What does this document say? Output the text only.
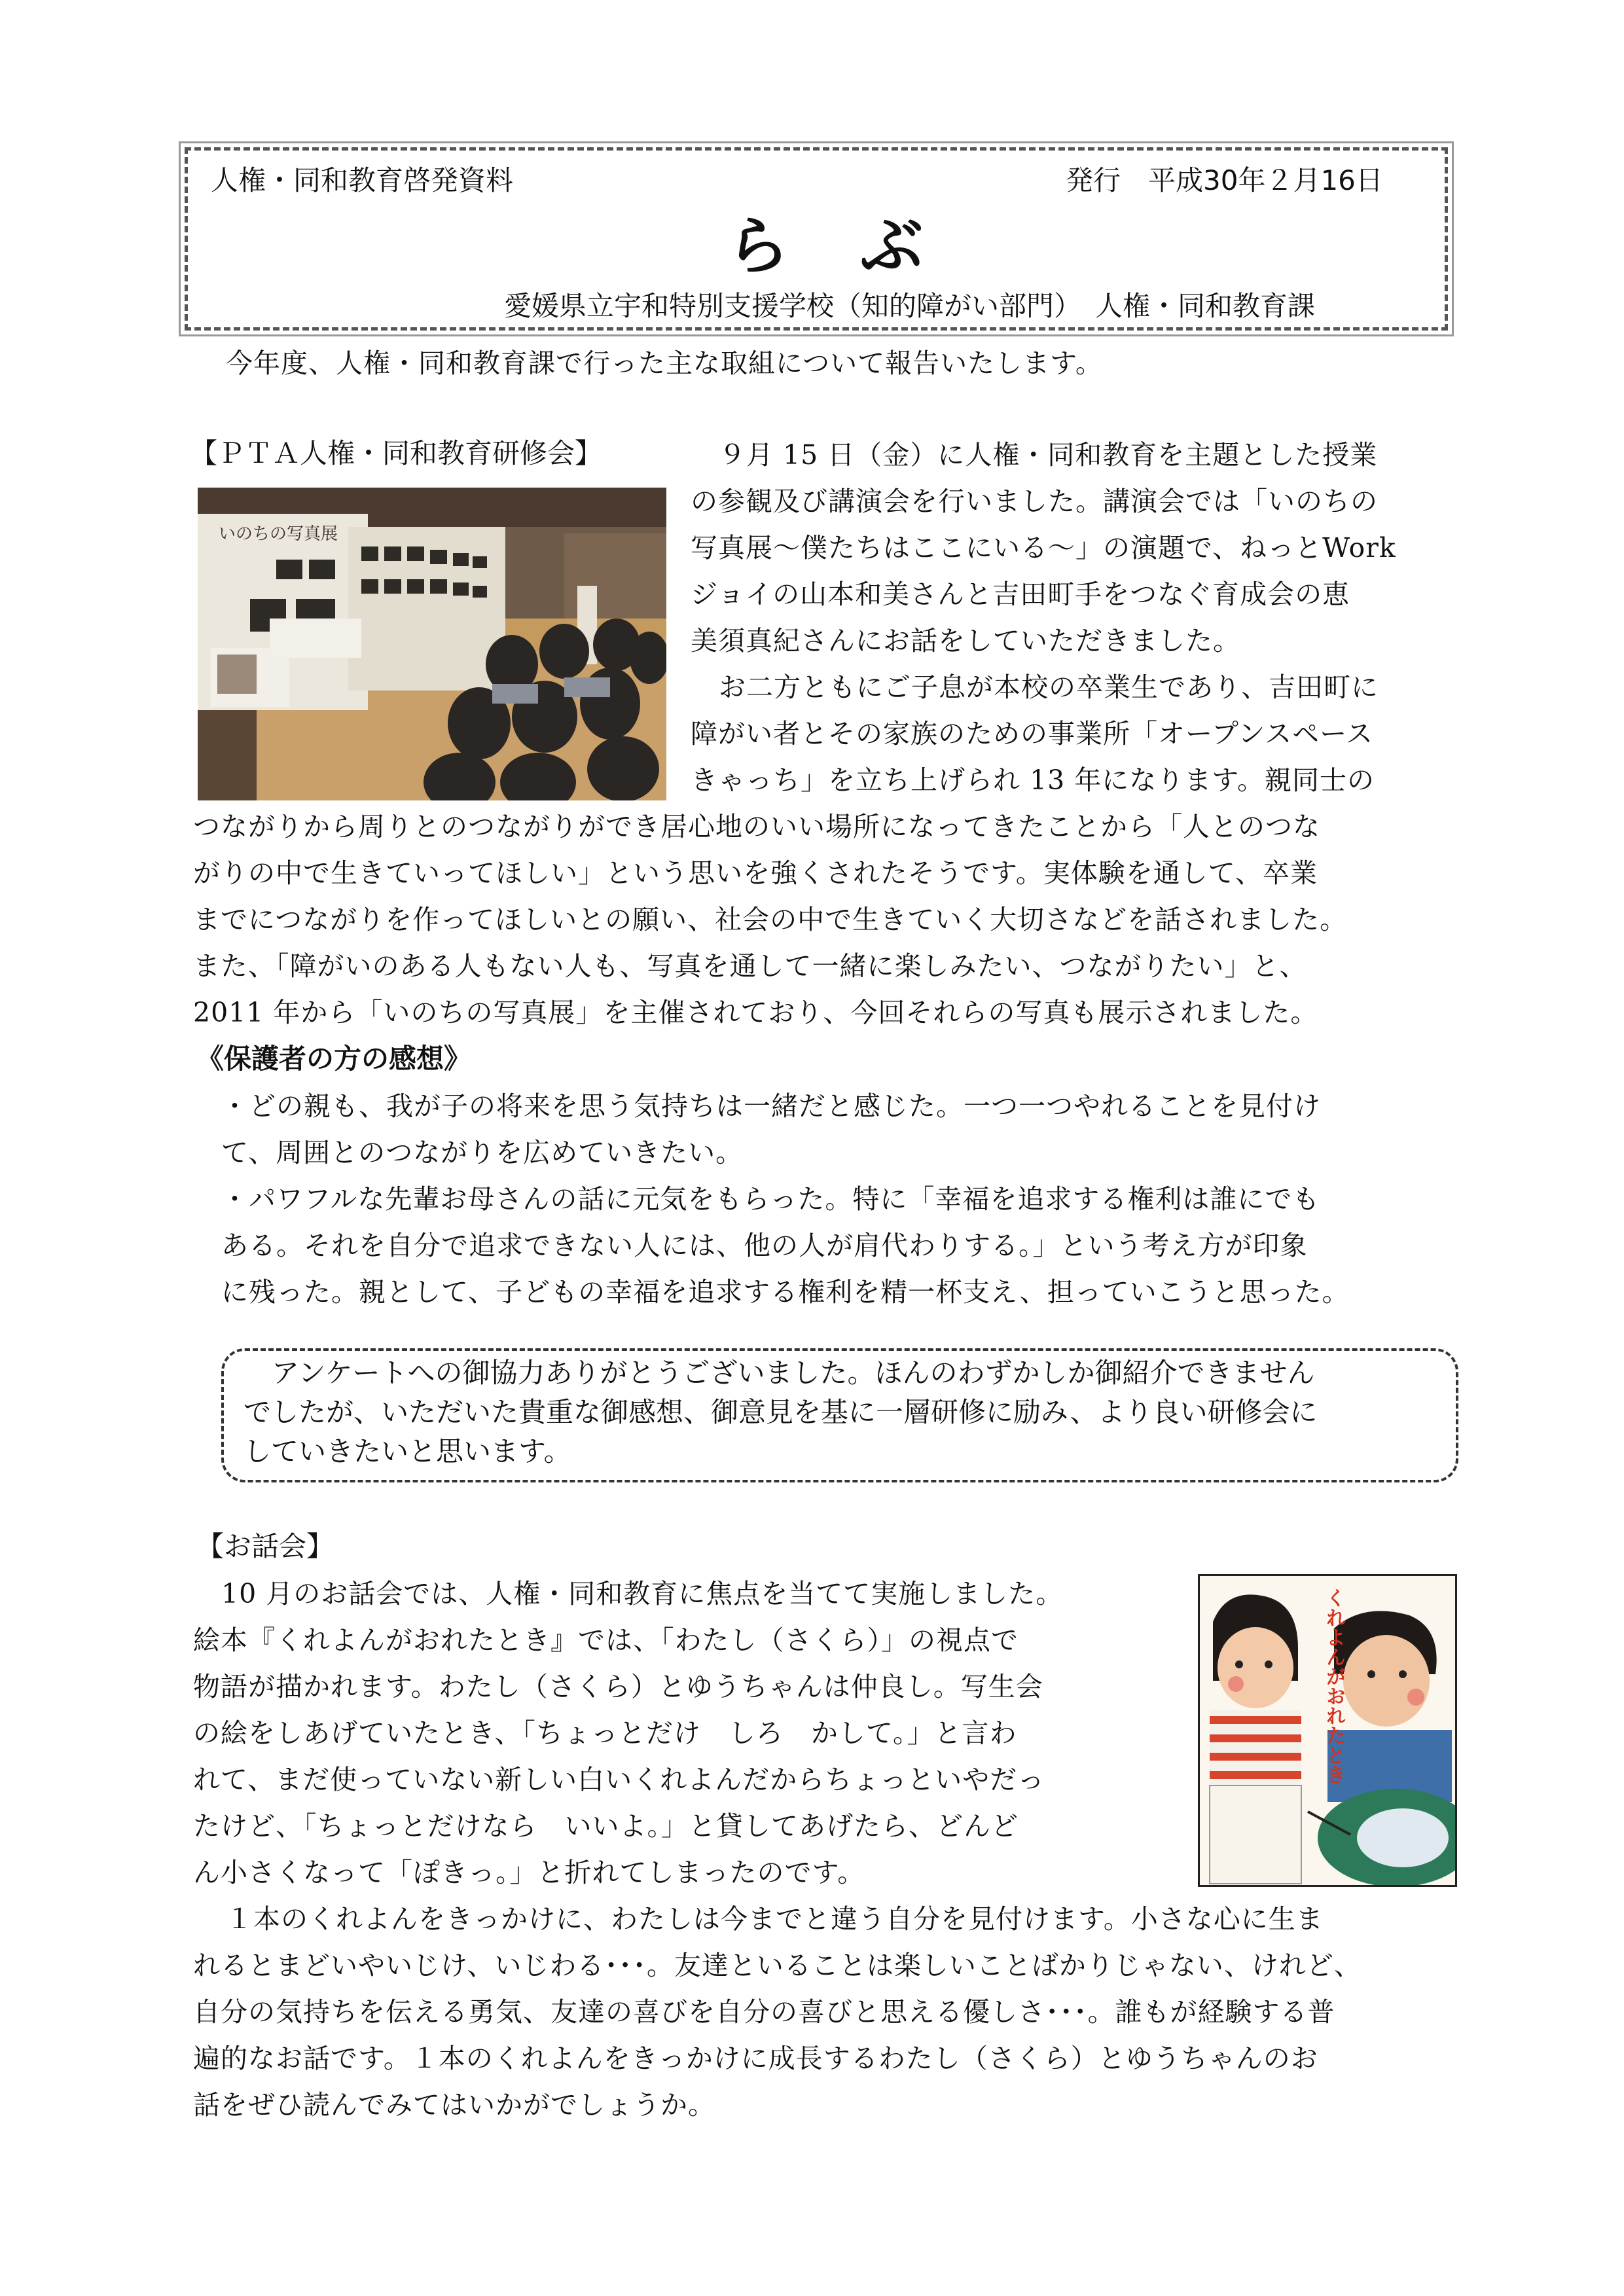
人権・同和教育啓発資料	発行　平成30年２月16日
ら　ぶ
愛媛県立宇和特別支援学校（知的障がい部門）　人権・同和教育課
今年度、人権・同和教育課で行った主な取組について報告いたします。
【ＰＴＡ人権・同和教育研修会】
いのちの写真展
９月 15 日（金）に人権・同和教育を主題とした授業
の参観及び講演会を行いました。講演会では「いのちの
写真展～僕たちはここにいる～」の演題で、ねっとWork
ジョイの山本和美さんと吉田町手をつなぐ育成会の恵
美須真紀さんにお話をしていただきました。
お二方ともにご子息が本校の卒業生であり、吉田町に
障がい者とその家族のための事業所「オープンスペース
きゃっち」を立ち上げられ 13 年になります。親同士の
つながりから周りとのつながりができ居心地のいい場所になってきたことから「人とのつな
がりの中で生きていってほしい」という思いを強くされたそうです。実体験を通して、卒業
までにつながりを作ってほしいとの願い、社会の中で生きていく大切さなどを話されました。
また、「障がいのある人もない人も、写真を通して一緒に楽しみたい、つながりたい」と、
2011 年から「いのちの写真展」を主催されており、今回それらの写真も展示されました。
《保護者の方の感想》
・どの親も、我が子の将来を思う気持ちは一緒だと感じた。一つ一つやれることを見付け
て、周囲とのつながりを広めていきたい。
・パワフルな先輩お母さんの話に元気をもらった。特に「幸福を追求する権利は誰にでも
ある。それを自分で追求できない人には、他の人が肩代わりする。」という考え方が印象
に残った。親として、子どもの幸福を追求する権利を精一杯支え、担っていこうと思った。
アンケートへの御協力ありがとうございました。ほんのわずかしか御紹介できません
でしたが、いただいた貴重な御感想、御意見を基に一層研修に励み、より良い研修会に
していきたいと思います。
【お話会】
くれよんがおれたとき
10 月のお話会では、人権・同和教育に焦点を当てて実施しました。
絵本『くれよんがおれたとき』では、「わたし（さくら）」の視点で
物語が描かれます。わたし（さくら）とゆうちゃんは仲良し。写生会
の絵をしあげていたとき、「ちょっとだけ　しろ　かして。」と言わ
れて、まだ使っていない新しい白いくれよんだからちょっといやだっ
たけど、「ちょっとだけなら　いいよ。」と貸してあげたら、どんど
ん小さくなって「ぽきっ。」と折れてしまったのです。
１本のくれよんをきっかけに、わたしは今までと違う自分を見付けます。小さな心に生ま
れるとまどいやいじけ、いじわる･･･。友達といることは楽しいことばかりじゃない、けれど、
自分の気持ちを伝える勇気、友達の喜びを自分の喜びと思える優しさ･･･。誰もが経験する普
遍的なお話です。１本のくれよんをきっかけに成長するわたし（さくら）とゆうちゃんのお
話をぜひ読んでみてはいかがでしょうか。
